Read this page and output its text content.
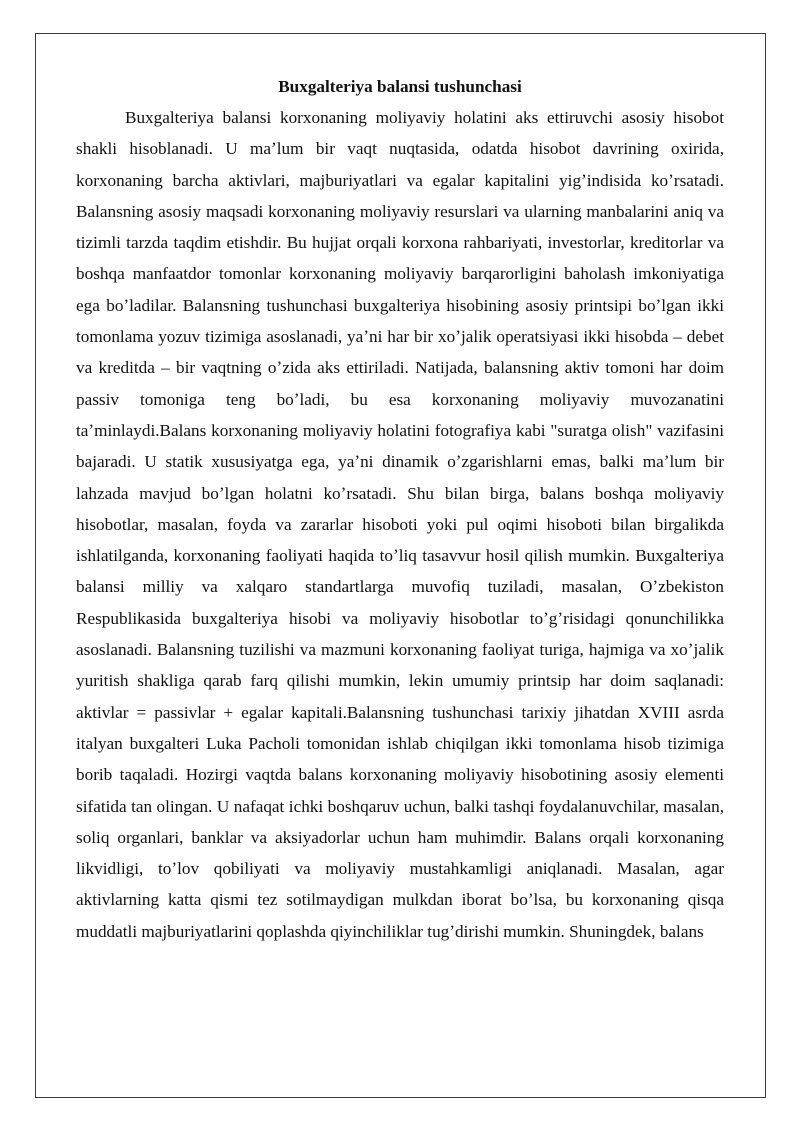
Buxgalteriya balansi tushunchasi

Buxgalteriya balansi korxonaning moliyaviy holatini aks ettiruvchi asosiy hisobot shakli hisoblanadi. U maʼlum bir vaqt nuqtasida, odatda hisobot davrining oxirida, korxonaning barcha aktivlari, majburiyatlari va egalar kapitalini yigʼindisida koʼrsatadi. Balansning asosiy maqsadi korxonaning moliyaviy resurslari va ularning manbalarini aniq va tizimli tarzda taqdim etishdir. Bu hujjat orqali korxona rahbariyati, investorlar, kreditorlar va boshqa manfaatdor tomonlar korxonaning moliyaviy barqarorligini baholash imkoniyatiga ega boʼladilar. Balansning tushunchasi buxgalteriya hisobining asosiy printsipi boʼlgan ikki tomonlama yozuv tizimiga asoslanadi, yaʼni har bir xoʼjalik operatsiyasi ikki hisobda – debet va kreditda – bir vaqtning oʼzida aks ettiriladi. Natijada, balansning aktiv tomoni har doim passiv tomoniga teng boʼladi, bu esa korxonaning moliyaviy muvozanatini taʼminlaydi.Balans korxonaning moliyaviy holatini fotografiya kabi "suratga olish" vazifasini bajaradi. U statik xususiyatga ega, yaʼni dinamik oʼzgarishlarni emas, balki maʼlum bir lahzada mavjud boʼlgan holatni koʼrsatadi. Shu bilan birga, balans boshqa moliyaviy hisobotlar, masalan, foyda va zararlar hisoboti yoki pul oqimi hisoboti bilan birgalikda ishlatilganda, korxonaning faoliyati haqida toʼliq tasavvur hosil qilish mumkin. Buxgalteriya balansi milliy va xalqaro standartlarga muvofiq tuziladi, masalan, Oʼzbekiston Respublikasida buxgalteriya hisobi va moliyaviy hisobotlar toʼgʼrisidagi qonunchilikka asoslanadi. Balansning tuzilishi va mazmuni korxonaning faoliyat turiga, hajmiga va xoʼjalik yuritish shakliga qarab farq qilishi mumkin, lekin umumiy printsip har doim saqlanadi: aktivlar = passivlar + egalar kapitali.Balansning tushunchasi tarixiy jihatdan XVIII asrda italyan buxgalteri Luka Pacholi tomonidan ishlab chiqilgan ikki tomonlama hisob tizimiga borib taqaladi. Hozirgi vaqtda balans korxonaning moliyaviy hisobotining asosiy elementi sifatida tan olingan. U nafaqat ichki boshqaruv uchun, balki tashqi foydalanuvchilar, masalan, soliq organlari, banklar va aksiyadorlar uchun ham muhimdir. Balans orqali korxonaning likvidligi, toʼlov qobiliyati va moliyaviy mustahkamligi aniqlanadi. Masalan, agar aktivlarning katta qismi tez sotilmaydigan mulkdan iborat boʼlsa, bu korxonaning qisqa muddatli majburiyatlarini qoplashda qiyinchiliklar tugʼdirishi mumkin. Shuningdek, balans
